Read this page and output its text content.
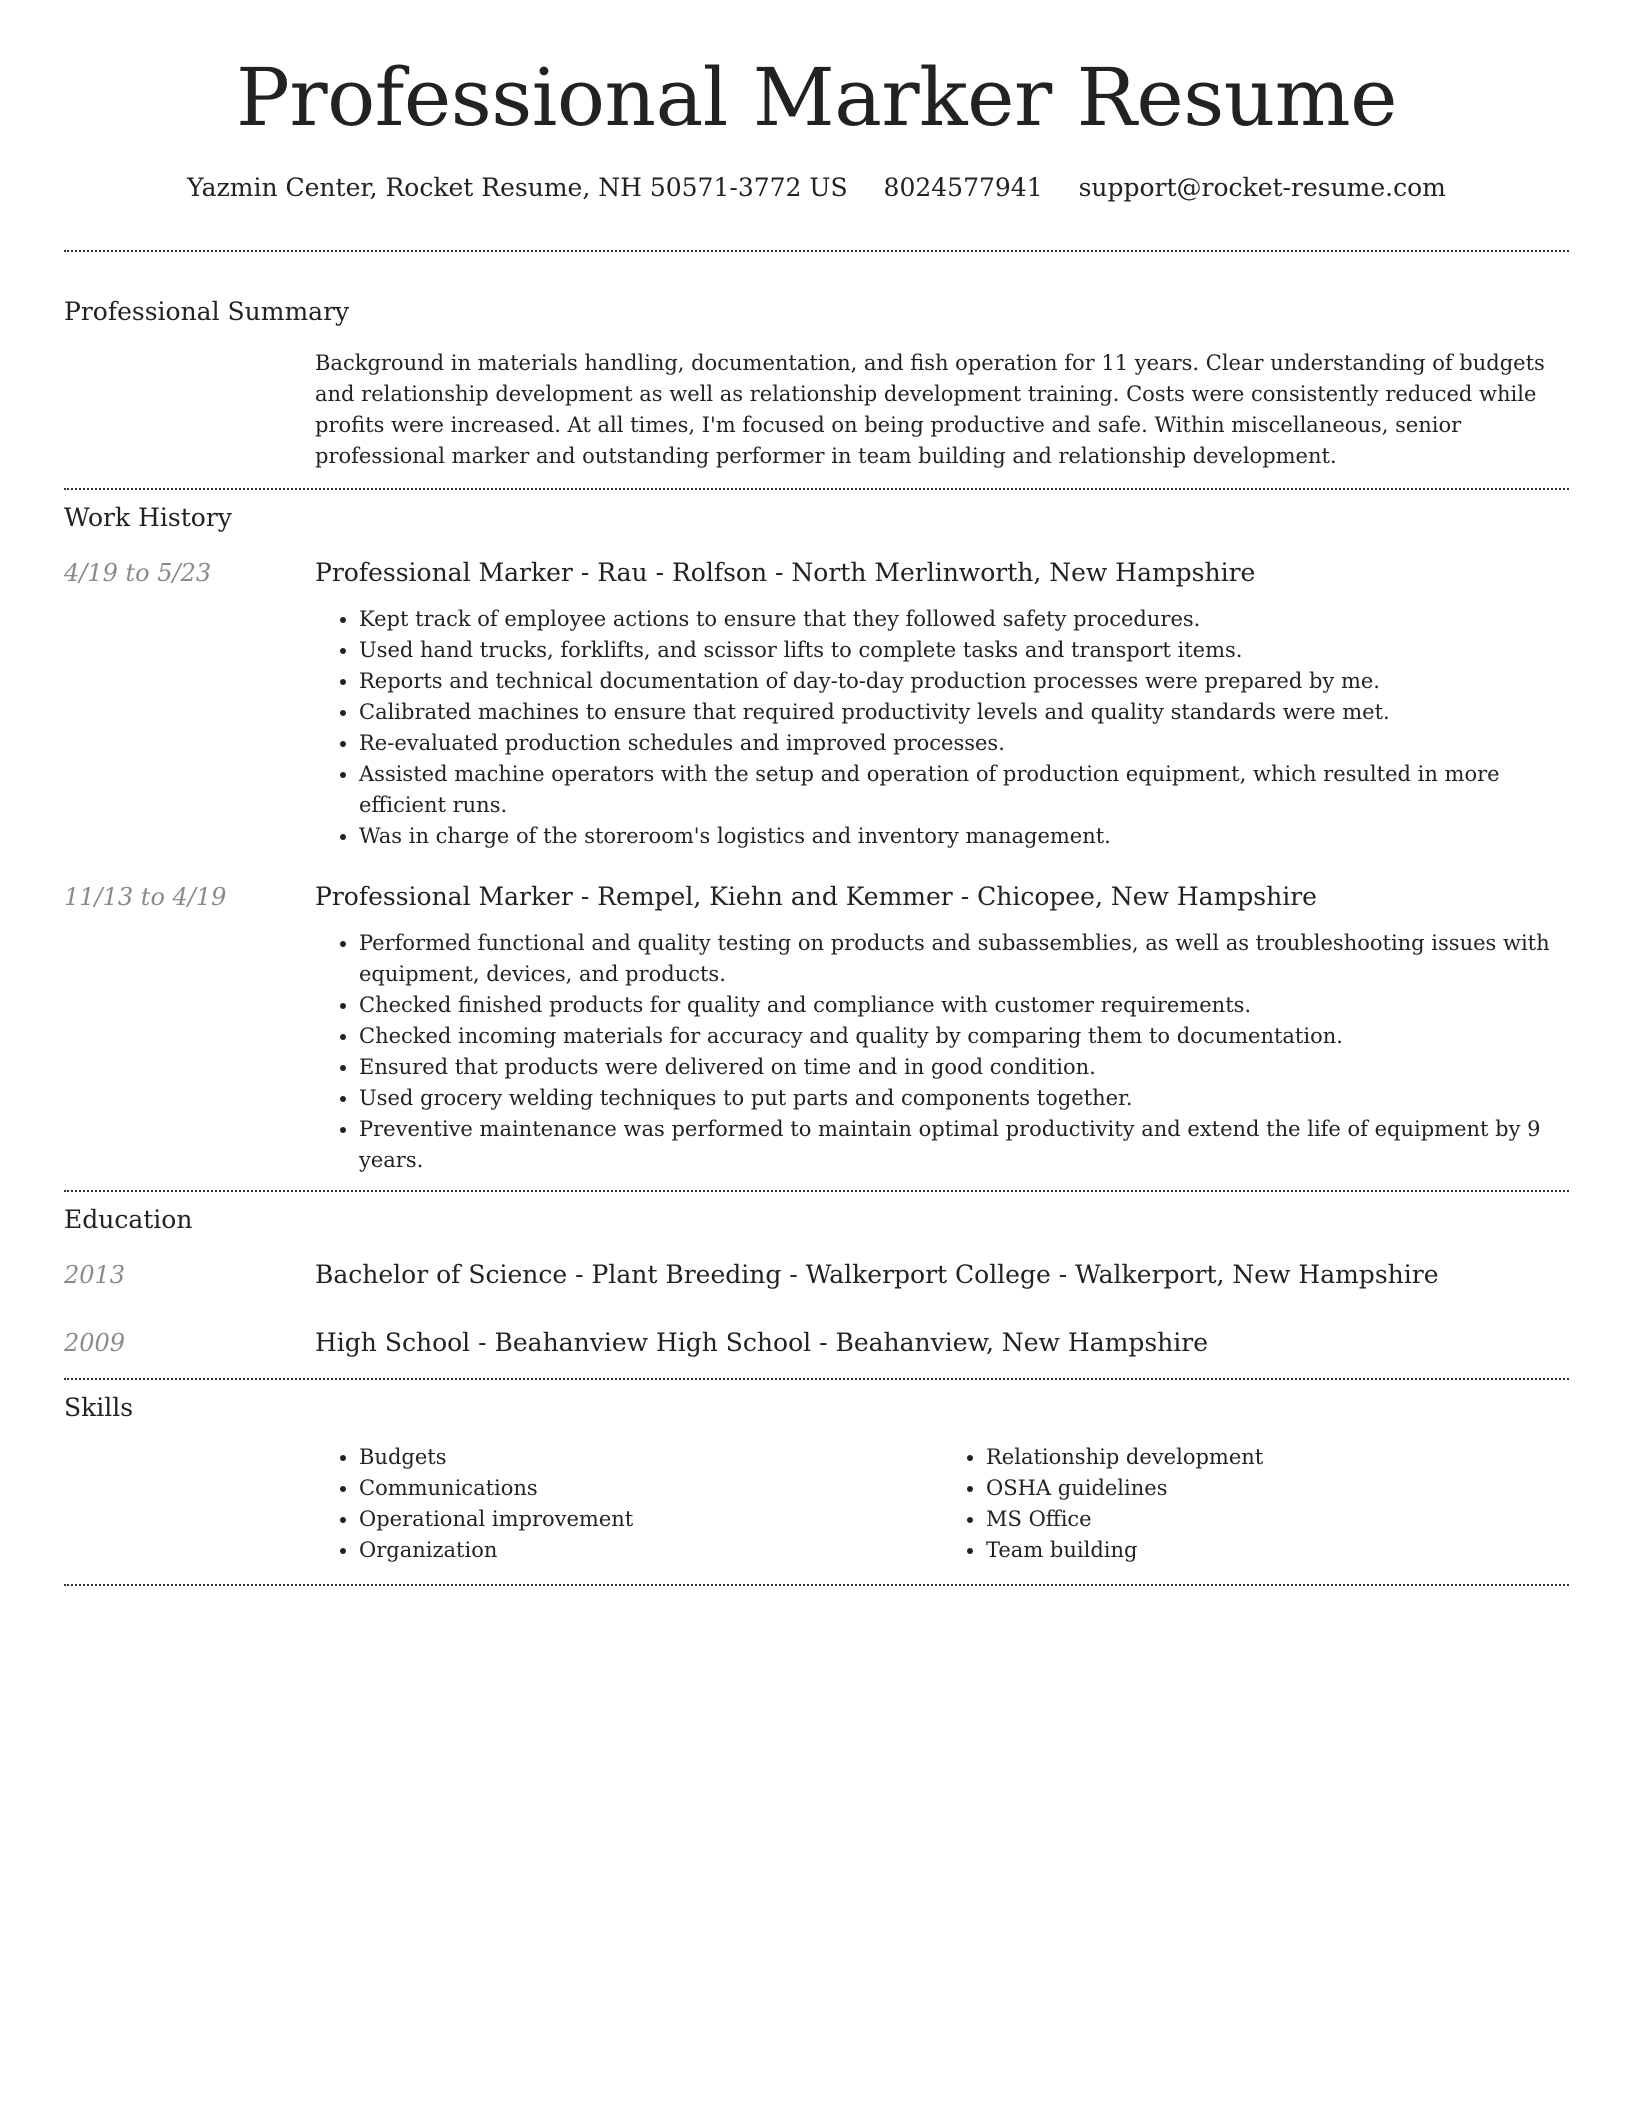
Professional Marker Resume
Yazmin Center, Rocket Resume, NH 50571-3772 US 8024577941 support@rocket-resume.com
Professional Summary
Background in materials handling, documentation, and fish operation for 11 years. Clear understanding of budgets and relationship development as well as relationship development training. Costs were consistently reduced while profits were increased. At all times, I'm focused on being productive and safe. Within miscellaneous, senior professional marker and outstanding performer in team building and relationship development.
Work History
4/19 to 5/23	Professional Marker - Rau - Rolfson - North Merlinworth, New Hampshire
• Kept track of employee actions to ensure that they followed safety procedures.
• Used hand trucks, forklifts, and scissor lifts to complete tasks and transport items.
• Reports and technical documentation of day-to-day production processes were prepared by me.
• Calibrated machines to ensure that required productivity levels and quality standards were met.
• Re-evaluated production schedules and improved processes.
• Assisted machine operators with the setup and operation of production equipment, which resulted in more efficient runs.
• Was in charge of the storeroom's logistics and inventory management.
11/13 to 4/19	Professional Marker - Rempel, Kiehn and Kemmer - Chicopee, New Hampshire
• Performed functional and quality testing on products and subassemblies, as well as troubleshooting issues with equipment, devices, and products.
• Checked finished products for quality and compliance with customer requirements.
• Checked incoming materials for accuracy and quality by comparing them to documentation.
• Ensured that products were delivered on time and in good condition.
• Used grocery welding techniques to put parts and components together.
• Preventive maintenance was performed to maintain optimal productivity and extend the life of equipment by 9 years.
Education
2013	Bachelor of Science - Plant Breeding - Walkerport College - Walkerport, New Hampshire
2009	High School - Beahanview High School - Beahanview, New Hampshire
Skills
• Budgets
• Communications
• Operational improvement
• Organization
• Relationship development
• OSHA guidelines
• MS Office
• Team building
